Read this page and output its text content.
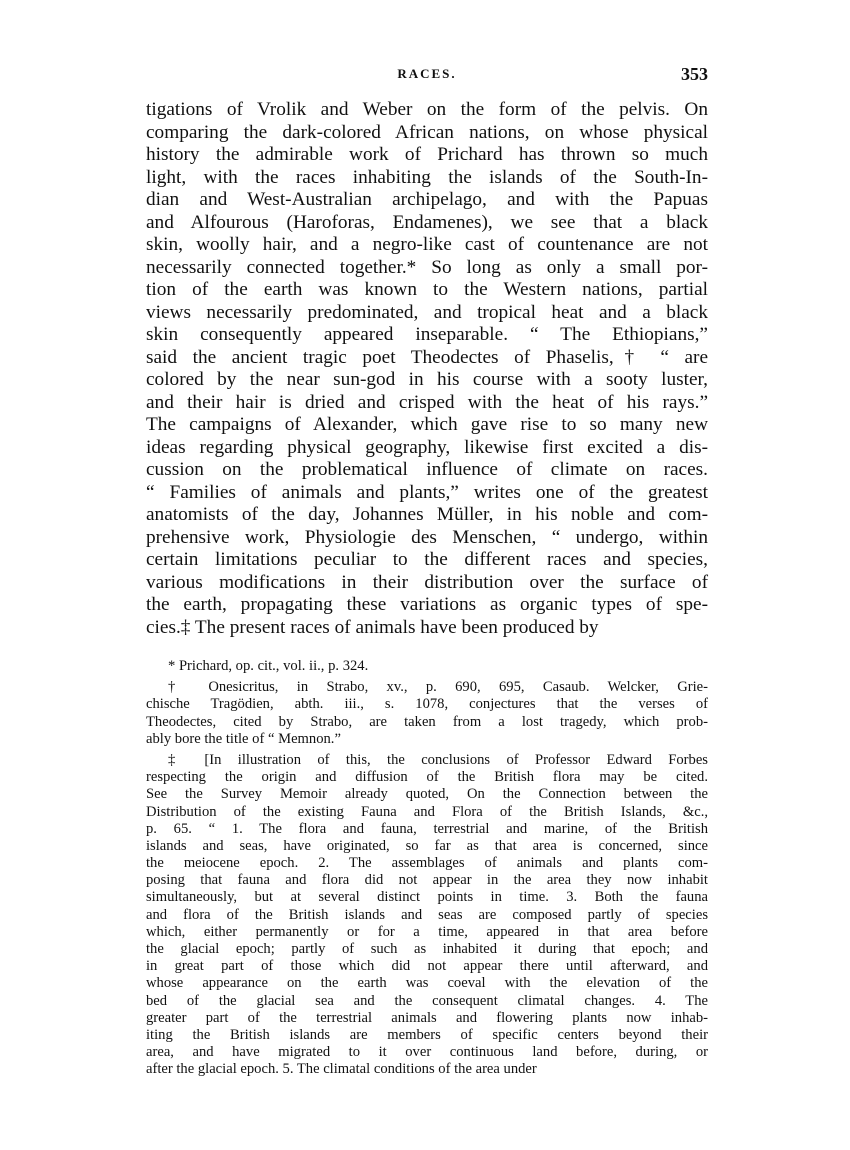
RACES.	353
tigations of Vrolik and Weber on the form of the pelvis. On
comparing the dark-colored African nations, on whose physical
history the admirable work of Prichard has thrown so much
light, with the races inhabiting the islands of the South-In-
dian and West-Australian archipelago, and with the Papuas
and Alfourous (Haroforas, Endamenes), we see that a black
skin, woolly hair, and a negro-like cast of countenance are not
necessarily connected together.* So long as only a small por-
tion of the earth was known to the Western nations, partial
views necessarily predominated, and tropical heat and a black
skin consequently appeared inseparable. “ The Ethiopians,”
said the ancient tragic poet Theodectes of Phaselis,† “ are
colored by the near sun-god in his course with a sooty luster,
and their hair is dried and crisped with the heat of his rays.”
The campaigns of Alexander, which gave rise to so many new
ideas regarding physical geography, likewise first excited a dis-
cussion on the problematical influence of climate on races.
“ Families of animals and plants,” writes one of the greatest
anatomists of the day, Johannes Müller, in his noble and com-
prehensive work, Physiologie des Menschen, “ undergo, within
certain limitations peculiar to the different races and species,
various modifications in their distribution over the surface of
the earth, propagating these variations as organic types of spe-
cies.‡ The present races of animals have been produced by
* Prichard, op. cit., vol. ii., p. 324.
† Onesicritus, in Strabo, xv., p. 690, 695, Casaub. Welcker, Grie-
chische Tragödien, abth. iii., s. 1078, conjectures that the verses of
Theodectes, cited by Strabo, are taken from a lost tragedy, which prob-
ably bore the title of “ Memnon.”
‡ [In illustration of this, the conclusions of Professor Edward Forbes
respecting the origin and diffusion of the British flora may be cited.
See the Survey Memoir already quoted, On the Connection between the
Distribution of the existing Fauna and Flora of the British Islands, &c.,
p. 65. “ 1. The flora and fauna, terrestrial and marine, of the British
islands and seas, have originated, so far as that area is concerned, since
the meiocene epoch. 2. The assemblages of animals and plants com-
posing that fauna and flora did not appear in the area they now inhabit
simultaneously, but at several distinct points in time. 3. Both the fauna
and flora of the British islands and seas are composed partly of species
which, either permanently or for a time, appeared in that area before
the glacial epoch; partly of such as inhabited it during that epoch; and
in great part of those which did not appear there until afterward, and
whose appearance on the earth was coeval with the elevation of the
bed of the glacial sea and the consequent climatal changes. 4. The
greater part of the terrestrial animals and flowering plants now inhab-
iting the British islands are members of specific centers beyond their
area, and have migrated to it over continuous land before, during, or
after the glacial epoch. 5. The climatal conditions of the area under
